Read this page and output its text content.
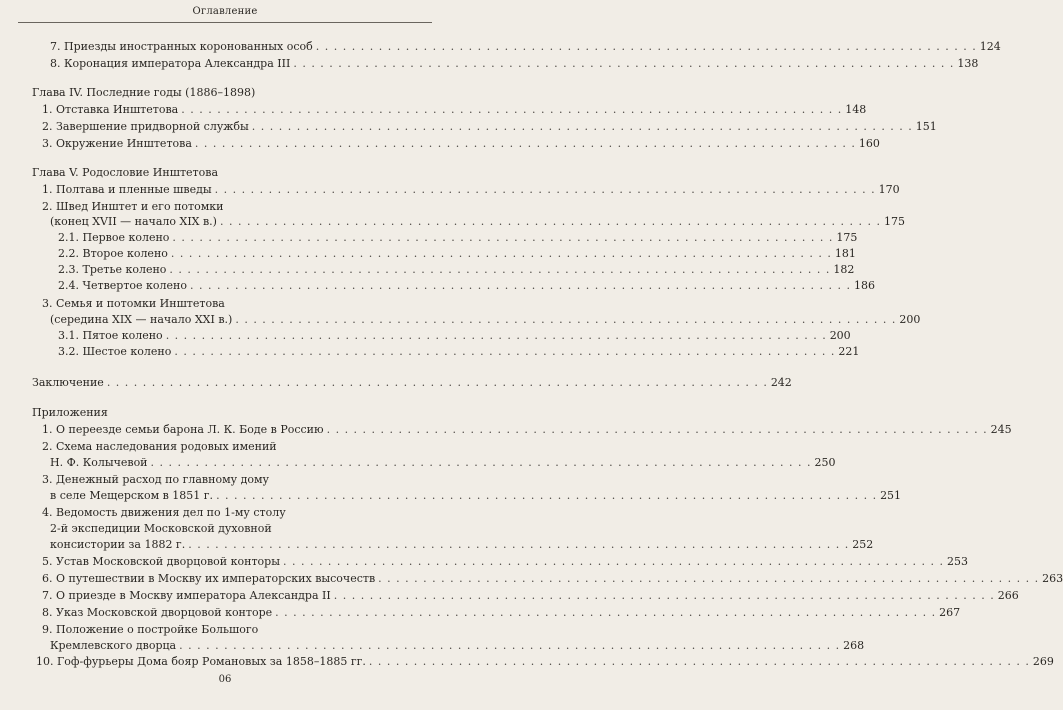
Оглавление
7. Приезды иностранных коронованных особ . . . . . . . . . . . . . . . . . . . . . . . . . . . . . . . . . . . . . . . . . . . . . . . . . . . . . . . . . . . . . . . . . . . . . . . . . . 124
8. Коронация императора Александра III . . . . . . . . . . . . . . . . . . . . . . . . . . . . . . . . . . . . . . . . . . . . . . . . . . . . . . . . . . . . . . . . . . . . . . . . . . 138
Глава IV. Последние годы (1886–1898)
1. Отставка Инштетова . . . . . . . . . . . . . . . . . . . . . . . . . . . . . . . . . . . . . . . . . . . . . . . . . . . . . . . . . . . . . . . . . . . . . . . . . . 148
2. Завершение придворной службы . . . . . . . . . . . . . . . . . . . . . . . . . . . . . . . . . . . . . . . . . . . . . . . . . . . . . . . . . . . . . . . . . . . . . . . . . . 151
3. Окружение Инштетова . . . . . . . . . . . . . . . . . . . . . . . . . . . . . . . . . . . . . . . . . . . . . . . . . . . . . . . . . . . . . . . . . . . . . . . . . . 160
Глава V. Родословие Инштетова
1. Полтава и пленные шведы . . . . . . . . . . . . . . . . . . . . . . . . . . . . . . . . . . . . . . . . . . . . . . . . . . . . . . . . . . . . . . . . . . . . . . . . . . 170
2. Швед Инштет и его потомки
(конец XVII — начало XIX в.) . . . . . . . . . . . . . . . . . . . . . . . . . . . . . . . . . . . . . . . . . . . . . . . . . . . . . . . . . . . . . . . . . . . . . . . . . . 175
2.1. Первое колено . . . . . . . . . . . . . . . . . . . . . . . . . . . . . . . . . . . . . . . . . . . . . . . . . . . . . . . . . . . . . . . . . . . . . . . . . . 175
2.2. Второе колено . . . . . . . . . . . . . . . . . . . . . . . . . . . . . . . . . . . . . . . . . . . . . . . . . . . . . . . . . . . . . . . . . . . . . . . . . . 181
2.3. Третье колено . . . . . . . . . . . . . . . . . . . . . . . . . . . . . . . . . . . . . . . . . . . . . . . . . . . . . . . . . . . . . . . . . . . . . . . . . . 182
2.4. Четвертое колено . . . . . . . . . . . . . . . . . . . . . . . . . . . . . . . . . . . . . . . . . . . . . . . . . . . . . . . . . . . . . . . . . . . . . . . . . . 186
3. Семья и потомки Инштетова
(середина XIX — начало XXI в.) . . . . . . . . . . . . . . . . . . . . . . . . . . . . . . . . . . . . . . . . . . . . . . . . . . . . . . . . . . . . . . . . . . . . . . . . . . 200
3.1. Пятое колено . . . . . . . . . . . . . . . . . . . . . . . . . . . . . . . . . . . . . . . . . . . . . . . . . . . . . . . . . . . . . . . . . . . . . . . . . . 200
3.2. Шестое колено . . . . . . . . . . . . . . . . . . . . . . . . . . . . . . . . . . . . . . . . . . . . . . . . . . . . . . . . . . . . . . . . . . . . . . . . . . 221
Заключение . . . . . . . . . . . . . . . . . . . . . . . . . . . . . . . . . . . . . . . . . . . . . . . . . . . . . . . . . . . . . . . . . . . . . . . . . . 242
Приложения
1. О переезде семьи барона Л. К. Боде в Россию . . . . . . . . . . . . . . . . . . . . . . . . . . . . . . . . . . . . . . . . . . . . . . . . . . . . . . . . . . . . . . . . . . . . . . . . . . 245
2. Схема наследования родовых имений
Н. Ф. Колычевой . . . . . . . . . . . . . . . . . . . . . . . . . . . . . . . . . . . . . . . . . . . . . . . . . . . . . . . . . . . . . . . . . . . . . . . . . . 250
3. Денежный расход по главному дому
в селе Мещерском в 1851 г. . . . . . . . . . . . . . . . . . . . . . . . . . . . . . . . . . . . . . . . . . . . . . . . . . . . . . . . . . . . . . . . . . . . . . . . . . . 251
4. Ведомость движения дел по 1-му столу
2-й экспедиции Московской духовной
консистории за 1882 г. . . . . . . . . . . . . . . . . . . . . . . . . . . . . . . . . . . . . . . . . . . . . . . . . . . . . . . . . . . . . . . . . . . . . . . . . . . 252
5. Устав Московской дворцовой конторы . . . . . . . . . . . . . . . . . . . . . . . . . . . . . . . . . . . . . . . . . . . . . . . . . . . . . . . . . . . . . . . . . . . . . . . . . . 253
6. О путешествии в Москву их императорских высочеств . . . . . . . . . . . . . . . . . . . . . . . . . . . . . . . . . . . . . . . . . . . . . . . . . . . . . . . . . . . . . . . . . . . . . . . . . . 263
7. О приезде в Москву императора Александра II . . . . . . . . . . . . . . . . . . . . . . . . . . . . . . . . . . . . . . . . . . . . . . . . . . . . . . . . . . . . . . . . . . . . . . . . . . 266
8. Указ Московской дворцовой конторе . . . . . . . . . . . . . . . . . . . . . . . . . . . . . . . . . . . . . . . . . . . . . . . . . . . . . . . . . . . . . . . . . . . . . . . . . . 267
9. Положение о постройке Большого
Кремлевского дворца . . . . . . . . . . . . . . . . . . . . . . . . . . . . . . . . . . . . . . . . . . . . . . . . . . . . . . . . . . . . . . . . . . . . . . . . . . 268
10. Гоф-фурьеры Дома бояр Романовых за 1858–1885 гг. . . . . . . . . . . . . . . . . . . . . . . . . . . . . . . . . . . . . . . . . . . . . . . . . . . . . . . . . . . . . . . . . . . . . . . . . . . 269
06
